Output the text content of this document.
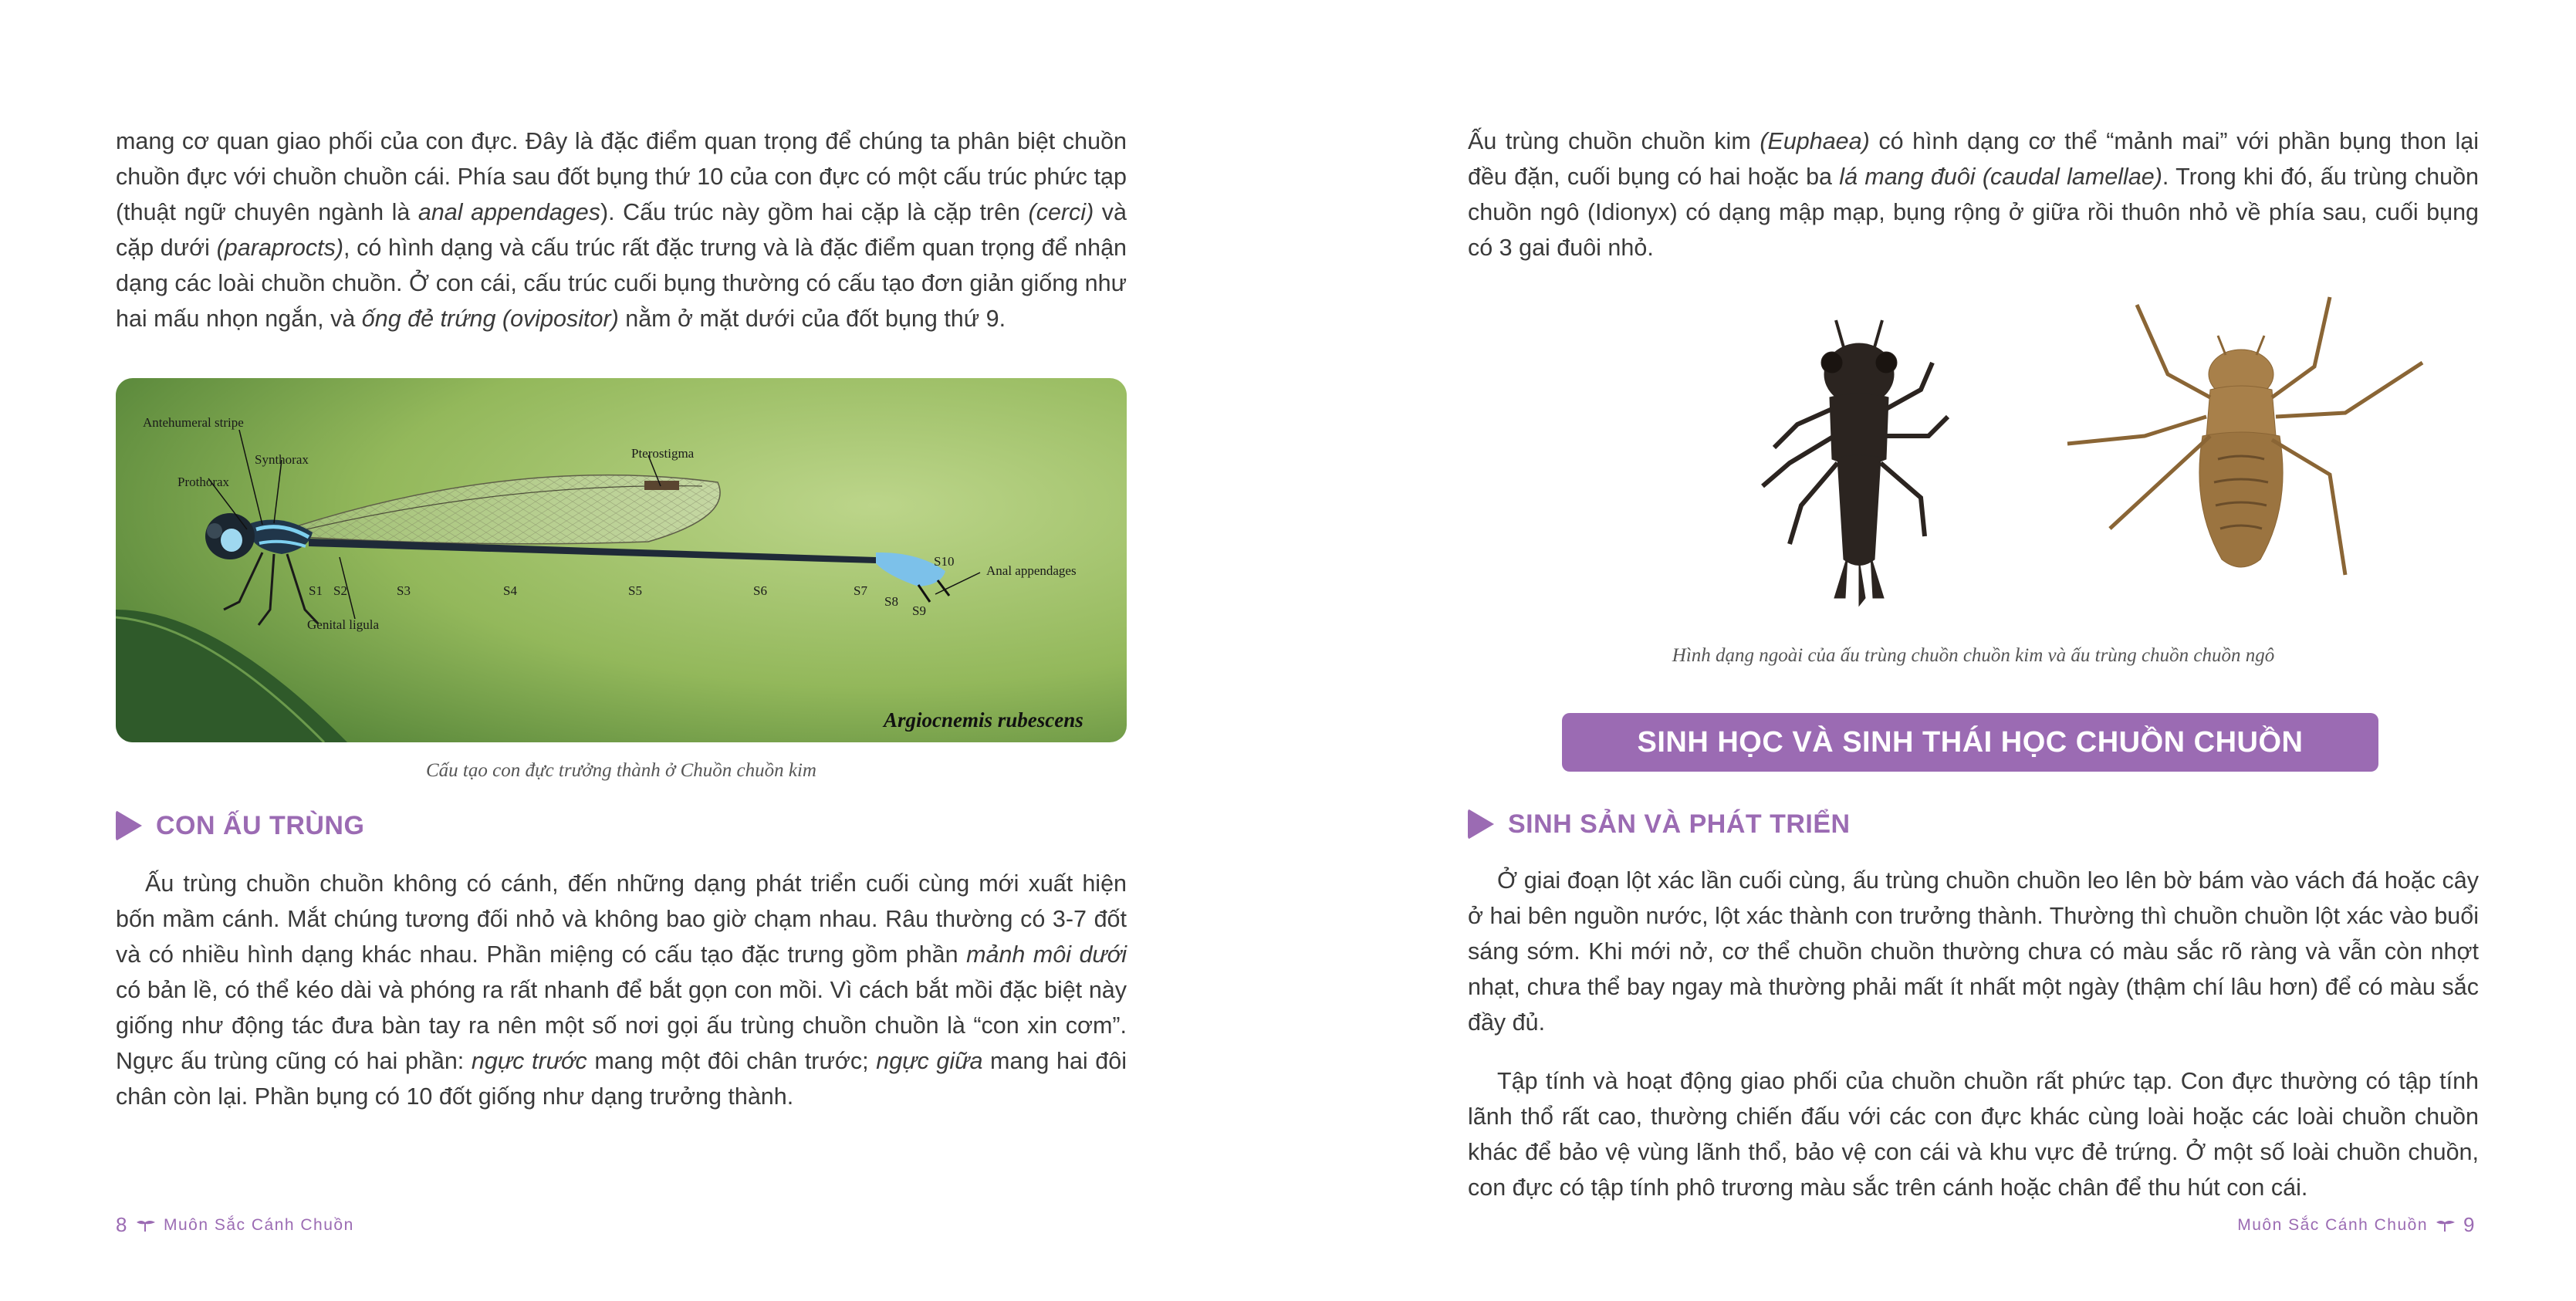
mang cơ quan giao phối của con đực. Đây là đặc điểm quan trọng để chúng ta phân biệt chuồn chuồn đực với chuồn chuồn cái. Phía sau đốt bụng thứ 10 của con đực có một cấu trúc phức tạp (thuật ngữ chuyên ngành là anal appendages). Cấu trúc này gồm hai cặp là cặp trên (cerci) và cặp dưới (paraprocts), có hình dạng và cấu trúc rất đặc trưng và là đặc điểm quan trọng để nhận dạng các loài chuồn chuồn. Ở con cái, cấu trúc cuối bụng thường có cấu tạo đơn giản giống như hai mấu nhọn ngắn, và ống đẻ trứng (ovipositor) nằm ở mặt dưới của đốt bụng thứ 9.

Antehumeral stripe
Synthorax
Prothorax
Pterostigma
Genital ligula
Anal appendages
S1 S2	S3	S4	S5	S6	S7
S8
S9
S10
Argiocnemis rubescens
Cấu tạo con đực trưởng thành ở Chuồn chuồn kim
CON ẤU TRÙNG

Ấu trùng chuồn chuồn không có cánh, đến những dạng phát triển cuối cùng mới xuất hiện bốn mầm cánh. Mắt chúng tương đối nhỏ và không bao giờ chạm nhau. Râu thường có 3-7 đốt và có nhiều hình dạng khác nhau. Phần miệng có cấu tạo đặc trưng gồm phần mảnh môi dưới có bản lề, có thể kéo dài và phóng ra rất nhanh để bắt gọn con mồi. Vì cách bắt mồi đặc biệt này giống như động tác đưa bàn tay ra nên một số nơi gọi ấu trùng chuồn chuồn là “con xin cơm”. Ngực ấu trùng cũng có hai phần: ngực trước mang một đôi chân trước; ngực giữa mang hai đôi chân còn lại. Phần bụng có 10 đốt giống như dạng trưởng thành.

8 Muôn Sắc Cánh Chuồn

Ấu trùng chuồn chuồn kim (Euphaea) có hình dạng cơ thể “mảnh mai” với phần bụng thon lại đều đặn, cuối bụng có hai hoặc ba lá mang đuôi (caudal lamellae). Trong khi đó, ấu trùng chuồn chuồn ngô (Idionyx) có dạng mập mạp, bụng rộng ở giữa rồi thuôn nhỏ về phía sau, cuối bụng có 3 gai đuôi nhỏ.

Hình dạng ngoài của ấu trùng chuồn chuồn kim và ấu trùng chuồn chuồn ngô
SINH HỌC VÀ SINH THÁI HỌC CHUỒN CHUỒN
SINH SẢN VÀ PHÁT TRIỂN

Ở giai đoạn lột xác lần cuối cùng, ấu trùng chuồn chuồn leo lên bờ bám vào vách đá hoặc cây ở hai bên nguồn nước, lột xác thành con trưởng thành. Thường thì chuồn chuồn lột xác vào buổi sáng sớm. Khi mới nở, cơ thể chuồn chuồn thường chưa có màu sắc rõ ràng và vẫn còn nhợt nhạt, chưa thể bay ngay mà thường phải mất ít nhất một ngày (thậm chí lâu hơn) để có màu sắc đầy đủ.

Tập tính và hoạt động giao phối của chuồn chuồn rất phức tạp. Con đực thường có tập tính lãnh thổ rất cao, thường chiến đấu với các con đực khác cùng loài hoặc các loài chuồn chuồn khác để bảo vệ vùng lãnh thổ, bảo vệ con cái và khu vực đẻ trứng. Ở một số loài chuồn chuồn, con đực có tập tính phô trương màu sắc trên cánh hoặc chân để thu hút con cái.

Muôn Sắc Cánh Chuồn 9
